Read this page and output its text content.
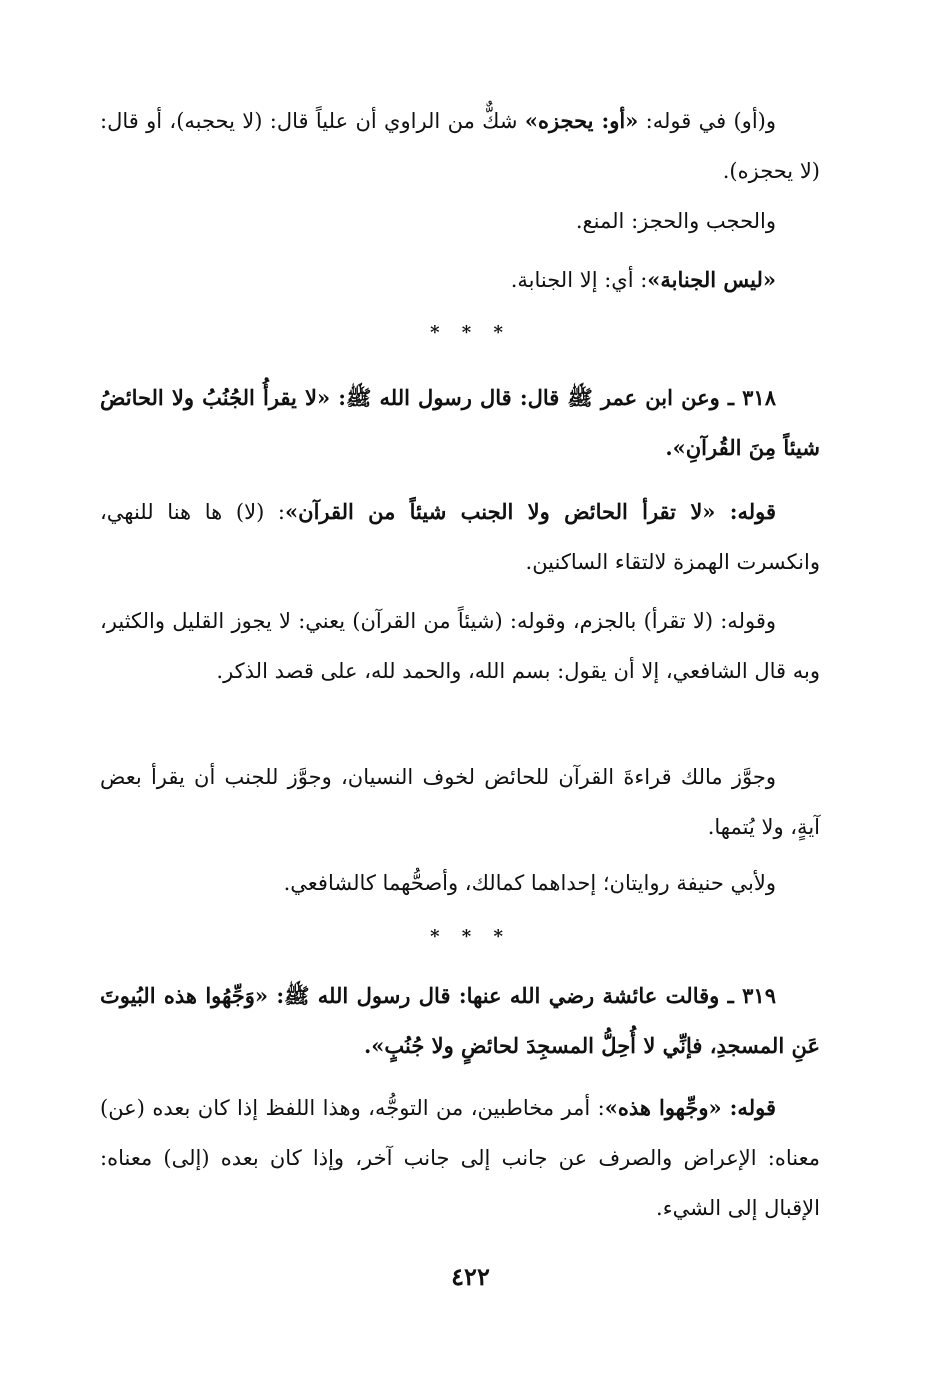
و(أو) في قوله: «أو: يحجزه» شكٌّ من الراوي أن علياً قال: (لا يحجبه)، أو قال: (لا يحجزه).
والحجب والحجز: المنع.
«ليس الجنابة»: أي: إلا الجنابة.
* * *
٣١٨ ـ وعن ابن عمر ﷺ قال: قال رسول الله ﷺ: «لا يقرأُ الجُنُبُ ولا الحائضُ شيئاً مِنَ القُرآنِ».
قوله: «لا تقرأ الحائض ولا الجنب شيئاً من القرآن»: (لا) ها هنا للنهي، وانكسرت الهمزة لالتقاء الساكنين.
وقوله: (لا تقرأ) بالجزم، وقوله: (شيئاً من القرآن) يعني: لا يجوز القليل والكثير، وبه قال الشافعي، إلا أن يقول: بسم الله، والحمد لله، على قصد الذكر.
وجوَّز مالك قراءةَ القرآن للحائض لخوف النسيان، وجوَّز للجنب أن يقرأ بعض آيةٍ، ولا يُتمها.
ولأبي حنيفة روايتان؛ إحداهما كمالك، وأصحُّهما كالشافعي.
* * *
٣١٩ ـ وقالت عائشة رضي الله عنها: قال رسول الله ﷺ: «وَجِّهُوا هذه البُيوتَ عَنِ المسجدِ، فإنِّي لا أُحِلُّ المسجِدَ لحائضٍ ولا جُنُبٍ».
قوله: «وجِّهوا هذه»: أمر مخاطبين، من التوجُّه، وهذا اللفظ إذا كان بعده (عن) معناه: الإعراض والصرف عن جانب إلى جانب آخر، وإذا كان بعده (إلى) معناه: الإقبال إلى الشيء.
٤٢٢
